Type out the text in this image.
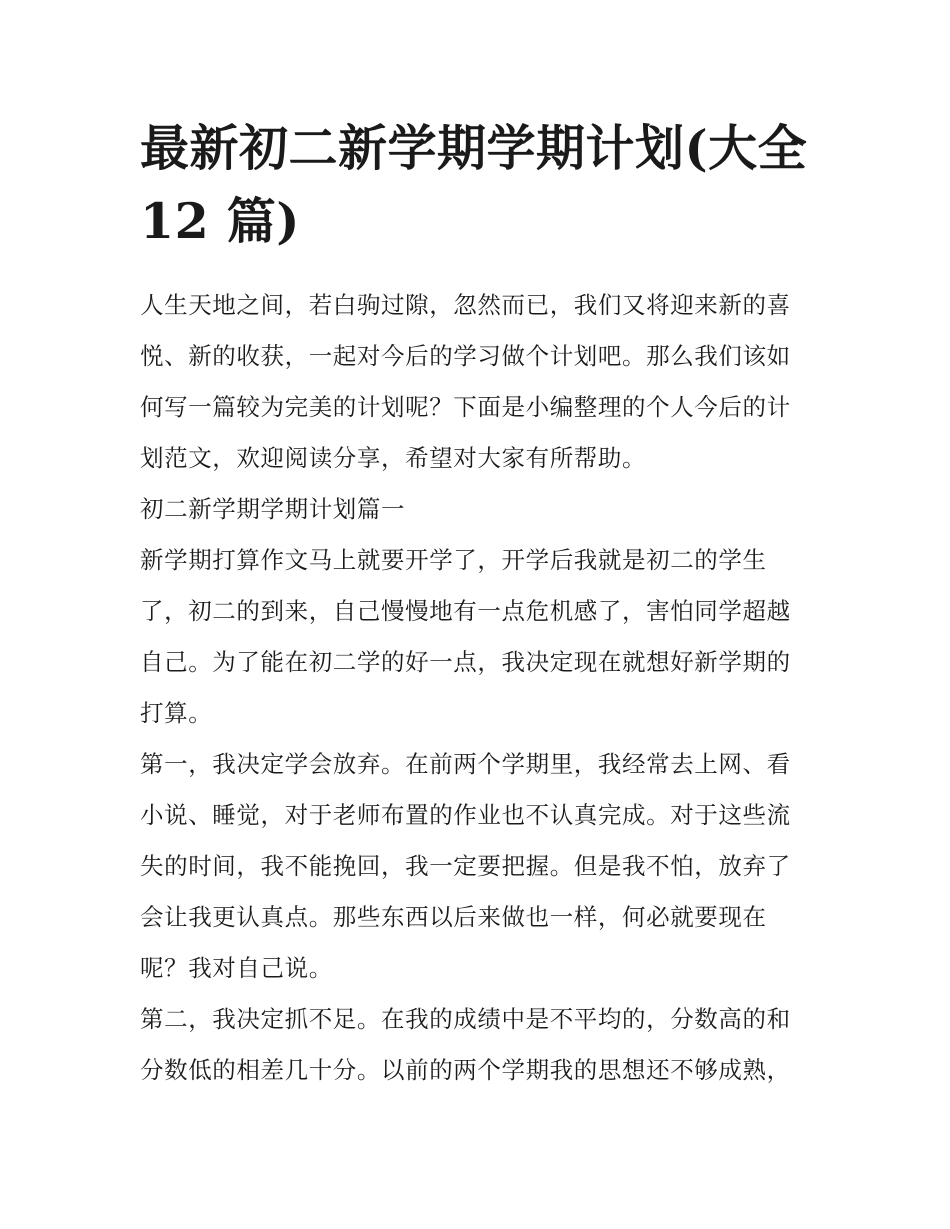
最新初二新学期学期计划(大全
12 篇)

人生天地之间，若白驹过隙，忽然而已，我们又将迎来新的喜
悦、新的收获，一起对今后的学习做个计划吧。那么我们该如
何写一篇较为完美的计划呢？下面是小编整理的个人今后的计
划范文，欢迎阅读分享，希望对大家有所帮助。

初二新学期学期计划篇一

新学期打算作文马上就要开学了，开学后我就是初二的学生
了，初二的到来，自己慢慢地有一点危机感了，害怕同学超越
自己。为了能在初二学的好一点，我决定现在就想好新学期的
打算。

第一，我决定学会放弃。在前两个学期里，我经常去上网、看
小说、睡觉，对于老师布置的作业也不认真完成。对于这些流
失的时间，我不能挽回，我一定要把握。但是我不怕，放弃了
会让我更认真点。那些东西以后来做也一样，何必就要现在
呢？我对自己说。

第二，我决定抓不足。在我的成绩中是不平均的，分数高的和
分数低的相差几十分。以前的两个学期我的思想还不够成熟，
